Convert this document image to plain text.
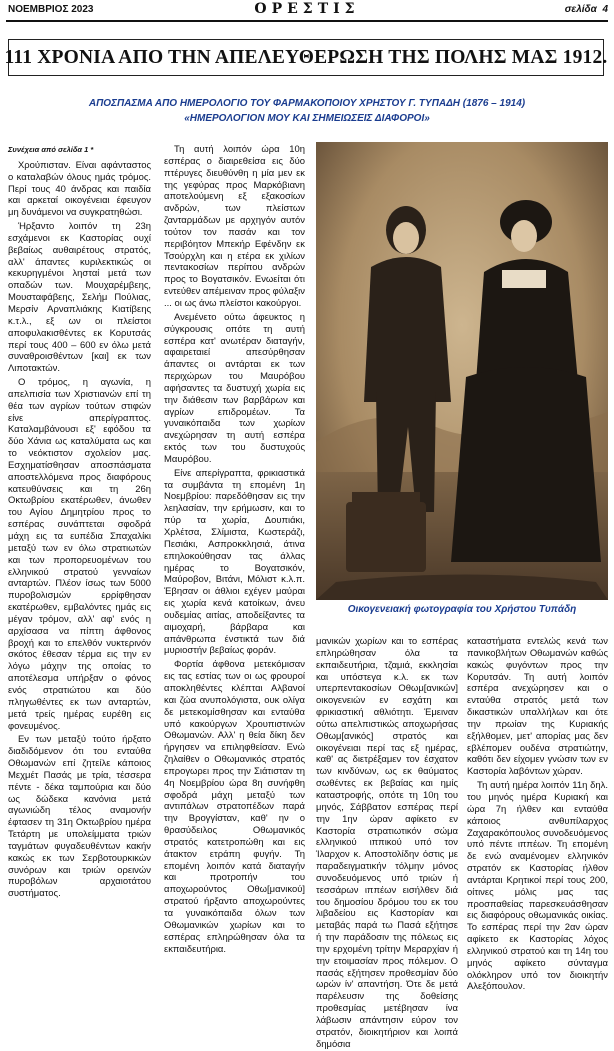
ΝΟΕΜΒΡΙΟΣ 2023	ΟΡΕΣΤΙΣ	σελίδα 4
111 ΧΡΟΝΙΑ ΑΠΟ ΤΗΝ ΑΠΕΛΕΥΘΕΡΩΣΗ ΤΗΣ ΠΟΛΗΣ ΜΑΣ 1912.
ΑΠΟΣΠΑΣΜΑ ΑΠΟ ΗΜΕΡΟΛΟΓΙΟ ΤΟΥ ΦΑΡΜΑΚΟΠΟΙΟΥ ΧΡΗΣΤΟΥ Γ. ΤΥΠΑΔΗ (1876 – 1914)
«ΗΜΕΡΟΛΟΓΙΟΝ ΜΟΥ ΚΑΙ ΣΗΜΕΙΩΣΕΙΣ ΔΙΑΦΟΡΟΙ»

Συνέχεια από σελίδα 1 *

Χρούπισταν. Είναι αφάνταστος ο καταλαβών όλους ημάς τρόμος. Περί τους 40 άνδρας και παιδία και αρκεταί οικογένειαι έφευγον μη δυνάμενοι να συγκρατηθώσι.

Ήρξαντο λοιπόν τη 23η εσχάμενοι εκ Καστορίας ουχί βεβαίως αυθαιρέτους στρατός, αλλ' άπαντες κυριλεκτικώς οι κεκυρηγμένοι λησταί μετά των οπαδών των. Μουχαρέμβεης, Μουσταφάβεης, Σελήμ Πούλιας, Μερσίν Αρναπλιάκης Κιατίβεης κ.τ.λ., εξ ων οι πλείστοι αποφυλακισθέντες εκ Κορυτσάς περί τους 400 – 600 εν όλω μετά συναθροισθέντων [και] εκ των Λιποτακτών.

Ο τρόμος, η αγωνία, η απελπισία των Χριστιανών επί τη θέα των αγρίων τούτων στιφών είνε απερίγραπτος. Καταλαμβάνουσι εξ' εφόδου τα δύο Χάνια ως καταλύματα ως και το νεόκτιστον σχολείον μας. Εσχηματίσθησαν αποσπάσματα αποστελλόμενα προς διαφόρους κατευθύνσεις και τη 26η Οκτωβρίου εκατέρωθεν, άνωθεν του Αγίου Δημητρίου προς το εσπέρας συνάπτεται σφοδρά μάχη εις τα ευπέδια Σπαχαλίκι μεταξύ των εν όλω στρατιωτών και των προπορευομένων του ελληνικού στρατού γενναίων ανταρτών. Πλέον ίσως των 5000 πυροβολισμών ερρίφθησαν εκατέρωθεν, εμβαλόντες ημάς εις μέγαν τρόμον, αλλ' αφ' ενός η αρχίσασα να πίπτη άφθονος βροχή και το επελθόν νυκτερινόν σκότος έθεσαν τέρμα εις την εν λόγω μάχην της οποίας το αποτέλεσμα υπήρξαν ο φόνος ενός στρατιώτου και δύο πληγωθέντες εκ των ανταρτών, μετά τρείς ημέρας ευρέθη εις φονευμένος.

Εν των μεταξύ τούτο ήρξατο διαδιδόμενον ότι του ενταύθα Οθωμανών επί ζητείλε κάποιος Μεχμέτ Πασάς με τρία, τέσσερα πέντε - δέκα ταμπούρια και δύο ως δώδεκα κανόνια μετά αγωνιώδη τέλος αναμονήν έφτασεν τη 31η Οκτωβρίου ημέρα Τετάρτη με υπολείμματα τριών ταγμάτων φυγαδευθέντων κακήν κακώς εκ των Σερβοτουρκικών συνόρων και τριών ορεινών πυροβόλων αρχαιοτάτου συστήματος.

Τη αυτή λοιπόν ώρα 10η εσπέρας ο διαιρεθείσα εις δύο πτέρυγες διευθύνθη η μία μεν εκ της γεφύρας προς Μαρκόβιανη αποτελούμενη εξ εξακοσίων ανδρών, των πλείστων ζανταρμάδων με αρχηγόν αυτόν τούτον τον πασάν και τον περιβόητον Μπεκήρ Εφένδην εκ Τσούρχλη και η ετέρα εκ χιλίων πεντακοσίων περίπου ανδρών προς το Βογατσικόν. Ενωείται ότι εντεύθεν απέμειναν προς φύλαξιν ... οι ως άνω πλείστοι κακούργοι.

Ανεμένετο ούτω άφευκτος η σύγκρουσις οπότε τη αυτή εσπέρα κατ' ανωτέραν διαταγήν, αφαιρεταιεί απεσύρθησαν άπαντες οι αντάρται εκ των περιχώρων του Μαυρόβου αφήσαντες τα δυστυχή χωρία εις την διάθεσιν των βαρβάρων και αγρίων επιδρομέων. Τα γυναικόπαιδα των χωρίων ανεχώρησαν τη αυτή εσπέρα εκτός των του δυστυχούς Μαυρόβου.

Είνε απερίγραπτα, φρικιαστικά τα συμβάντα τη επομένη 1η Νοεμβρίου: παρεδόθησαν εις την λεηλασίαν, την ερήμωσιν, και το πύρ τα χωρία, Δουπιάκι, Χρλέτσα, Σλίμιστα, Κωστεράζι, Πεσιάκι, Ασπροκκλησιά, άτινα επηλοκούθησαν τας άλλας ημέρας το Βογατσικόν, Μαύροβον, Βιτάνι, Μόλιστ κ.λ.π. Έβησαν οι άθλιοι εχέγεν μαύραι εις χωρία κενά κατοίκων, άνευ ουδεμίας αιτίας, αποδείξαντες τα αιμοχαρή, βάρβαρα και απάνθρωπα ένστικτά των διά μυριοστήν βεβαίως φοράν.

Φορτία άφθονα μετεκόμισαν εις τας εστίας των οι ως φρουροί αποκληθέντες κλέπται Αλβανοί και ζώα ανυπολόγιστα, ουκ ολίγα δε μετεκομίσθησαν και ενταύθα υπό κακούργων Χρουπιστινών Οθωμανών. Αλλ' η θεία δίκη δεν ήργησεν να επιληφθείσαν. Ενώ ζηλαίθεν ο Οθωμανικός στρατός επρογωρει προς την Σιάτισταν τη 4η Νοεμβρίου ώρα 8η συνήφθη σφοδρά μάχη μεταξύ των αντιπάλων στρατοπέδων παρά την Βρογγίσταν, καθ' ην ο θρασύδειλος Οθωμανικός στρατός κατετροπώθη και εις άτακτον ετράπη φυγήν. Τη επομένη λοιπόν κατά διαταγήν και προτροπήν του αποχωρούντος Οθω[μανικού] στρατού ήρξαντο αποχωρούντες τα γυναικόπαιδα όλων των Οθωμανικών χωρίων και το εσπέρας επληρώθησαν όλα τα εκπαιδευτήρια.

Οικογενειακή φωτογραφία του Χρήστου Τυπάδη

μανικών χωρίων και το εσπέρας επληρώθησαν όλα τα εκπαιδευτήρια, τζαμιά, εκκλησίαι και υπόστεγα κ.λ. εκ των υπερπεντακοσίων Οθωμ[ανικών] οικογενειών εν εσχάτη και φρικιαστική αθλιότητι. Έμειναν ούτω απελπιστικώς αποχωρήσας Οθωμ[ανικός] στρατός και οικογένειαι περί τας εξ ημέρας, καθ' ας διετρέξαμεν τον έσχατον των κινδύνων, ως εκ θαύματος σωθέντες εκ βεβαίας και ημίς καταστροφής, οπότε τη 10η του μηνός, Σάββατον εσπέρας περί την 1ην ώραν αφίκετο εν Καστορία στρατιωτικόν σώμα ελληνικού ιππικού υπό τον Ίλαρχον κ. Αποστολίδην όστις με παραδειγματικήν τόλμην μόνος συνοδευόμενος υπό τριών ή τεσσάρων ιππέων εισήλθεν διά του δημοσίου δρόμου του εκ του λιβαδείου εις Καστορίαν και μεταβάς παρά τω Πασά εξήτησε ή την παράδοσιν της πόλεως εις την ερχομένη τρίτην Μεραρχίαν ή την ετοιμασίαν προς πόλεμον. Ο πασάς εξήτησεν προθεσμίαν δύο ωρών ίν' απαντήση. Ότε δε μετά παρέλευσιν της δοθείσης προθεσμίας μετέβησαν ίνα λάβωσιν απάντησιν εύρον τον στρατόν, διοικητήριον και λοιπά δημόσια

καταστήματα εντελώς κενά των πανικοβλήτων Οθωμανών καθώς κακώς φυγόντων προς την Κορυτσάν. Τη αυτή λοιπόν εσπέρα ανεχώρησεν και ο ενταύθα στρατός μετά των δικαστικών υπαλλήλων και ότε την πρωίαν της Κυριακής εξήλθομεν, μετ' απορίας μας δεν εβλέπομεν ουδένα στρατιώτην, καθότι δεν είχομεν γνώσιν των εν Καστορία λαβόντων χώραν.

Τη αυτή ημέρα λοιπόν 11η δηλ. του μηνός ημέρα Κυριακή και ώρα 7η ήλθεν και ενταύθα κάποιος ανθυπίλαρχος Ζαχαρακόπουλος συνοδευόμενος υπό πέντε ιππέων. Τη επομένη δε ενώ αναμένομεν ελληνικόν στρατόν εκ Καστορίας ήλθον αντάρται Κρητικοί περί τους 200, οίτινες μόλις μας τας προσπαθείας παρεσκευάσθησαν εις διαφόρους οθωμανικάς οικίας. Το εσπέρας περί την 2αν ώραν αφίκετο εκ Καστορίας λόχος ελληνικού στρατού και τη 14η του μηνός αφίκετο σύνταγμα ολόκληρον υπό τον διοικητήν Αλεξόπουλον.
